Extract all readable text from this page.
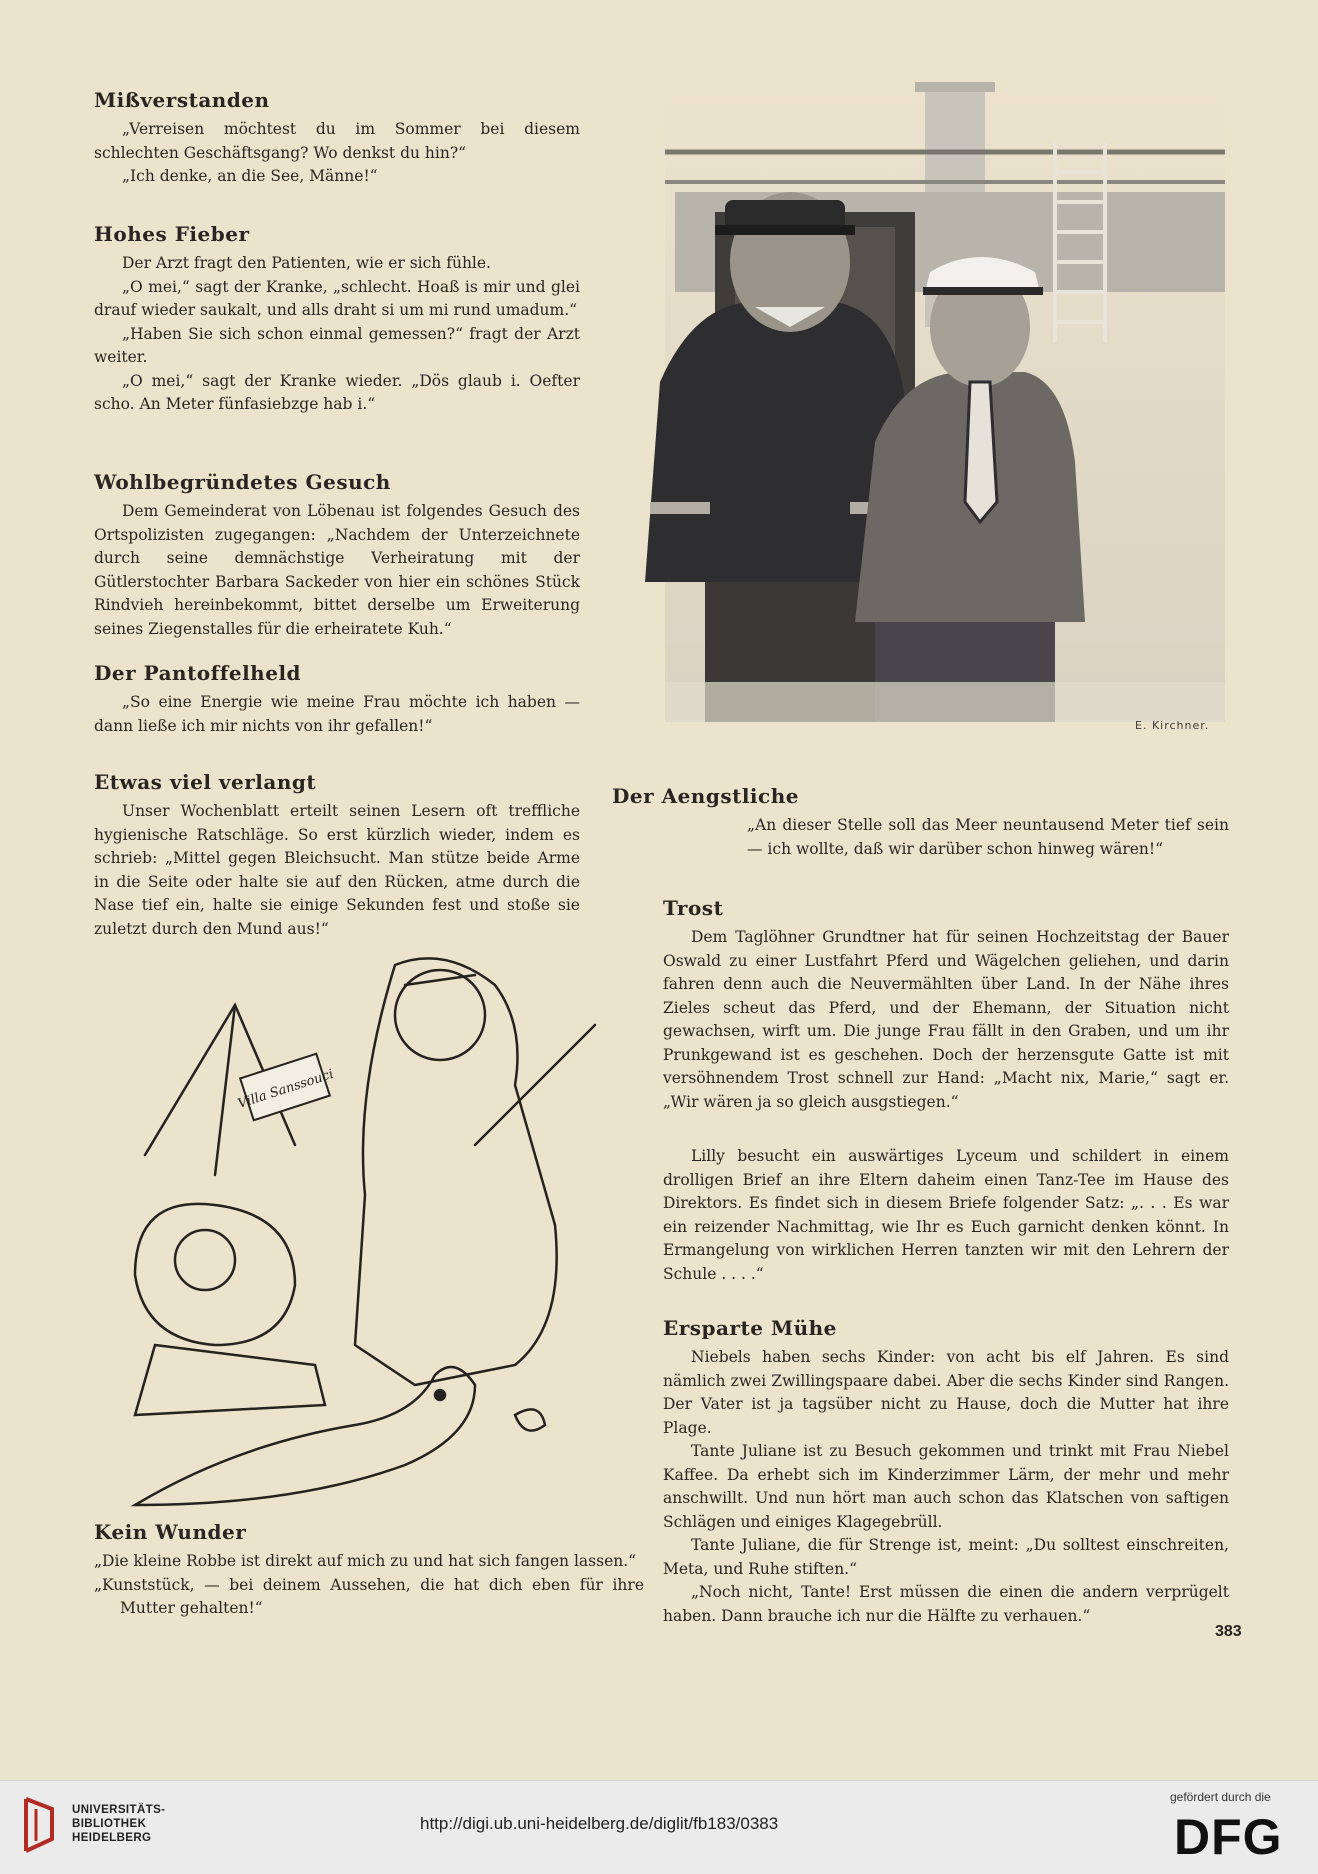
Mißverstanden

„Verreisen möchtest du im Sommer bei diesem schlechten Geschäftsgang? Wo denkst du hin?“

„Ich denke, an die See, Männe!“

Hohes Fieber

Der Arzt fragt den Patienten, wie er sich fühle.

„O mei,“ sagt der Kranke, „schlecht. Hoaß is mir und glei drauf wieder saukalt, und alls draht si um mi rund umadum.“

„Haben Sie sich schon einmal gemessen?“ fragt der Arzt weiter.

„O mei,“ sagt der Kranke wieder. „Dös glaub i. Oefter scho. An Meter fünfasiebzge hab i.“

Wohlbegründetes Gesuch

Dem Gemeinderat von Löbenau ist folgendes Gesuch des Ortspolizisten zugegangen: „Nachdem der Unterzeichnete durch seine demnächstige Verheiratung mit der Gütlerstochter Barbara Sackeder von hier ein schönes Stück Rindvieh hereinbekommt, bittet derselbe um Erweiterung seines Ziegenstalles für die erheiratete Kuh.“

Der Pantoffelheld

„So eine Energie wie meine Frau möchte ich haben — dann ließe ich mir nichts von ihr gefallen!“

Etwas viel verlangt

Unser Wochenblatt erteilt seinen Lesern oft treffliche hygienische Ratschläge. So erst kürzlich wieder, indem es schrieb: „Mittel gegen Bleichsucht. Man stütze beide Arme in die Seite oder halte sie auf den Rücken, atme durch die Nase tief ein, halte sie einige Sekunden fest und stoße sie zuletzt durch den Mund aus!“

E. Kirchner.
Der Aengstliche

„An dieser Stelle soll das Meer neuntausend Meter tief sein — ich wollte, daß wir darüber schon hinweg wären!“

Trost

Dem Taglöhner Grundtner hat für seinen Hochzeitstag der Bauer Oswald zu einer Lustfahrt Pferd und Wägelchen geliehen, und darin fahren denn auch die Neuvermählten über Land. In der Nähe ihres Zieles scheut das Pferd, und der Ehemann, der Situation nicht gewachsen, wirft um. Die junge Frau fällt in den Graben, und um ihr Prunkgewand ist es geschehen. Doch der herzensgute Gatte ist mit versöhnendem Trost schnell zur Hand: „Macht nix, Marie,“ sagt er. „Wir wären ja so gleich ausgstiegen.“

Lilly besucht ein auswärtiges Lyceum und schildert in einem drolligen Brief an ihre Eltern daheim einen Tanz-Tee im Hause des Direktors. Es findet sich in diesem Briefe folgender Satz: „. . . Es war ein reizender Nachmittag, wie Ihr es Euch garnicht denken könnt. In Ermangelung von wirklichen Herren tanzten wir mit den Lehrern der Schule . . . .“

Ersparte Mühe

Niebels haben sechs Kinder: von acht bis elf Jahren. Es sind nämlich zwei Zwillingspaare dabei. Aber die sechs Kinder sind Rangen. Der Vater ist ja tagsüber nicht zu Hause, doch die Mutter hat ihre Plage.

Tante Juliane ist zu Besuch gekommen und trinkt mit Frau Niebel Kaffee. Da erhebt sich im Kinderzimmer Lärm, der mehr und mehr anschwillt. Und nun hört man auch schon das Klatschen von saftigen Schlägen und einiges Klagegebrüll.

Tante Juliane, die für Strenge ist, meint: „Du solltest einschreiten, Meta, und Ruhe stiften.“

„Noch nicht, Tante! Erst müssen die einen die andern verprügelt haben. Dann brauche ich nur die Hälfte zu verhauen.“

Villa Sanssouci
Kein Wunder

„Die kleine Robbe ist direkt auf mich zu und hat sich fangen lassen.“

„Kunststück, — bei deinem Aussehen, die hat dich eben für ihre Mutter gehalten!“

383
UNIVERSITÄTS-
BIBLIOTHEK
HEIDELBERG
http://digi.ub.uni-heidelberg.de/diglit/fb183/0383
gefördert durch die
DFG
